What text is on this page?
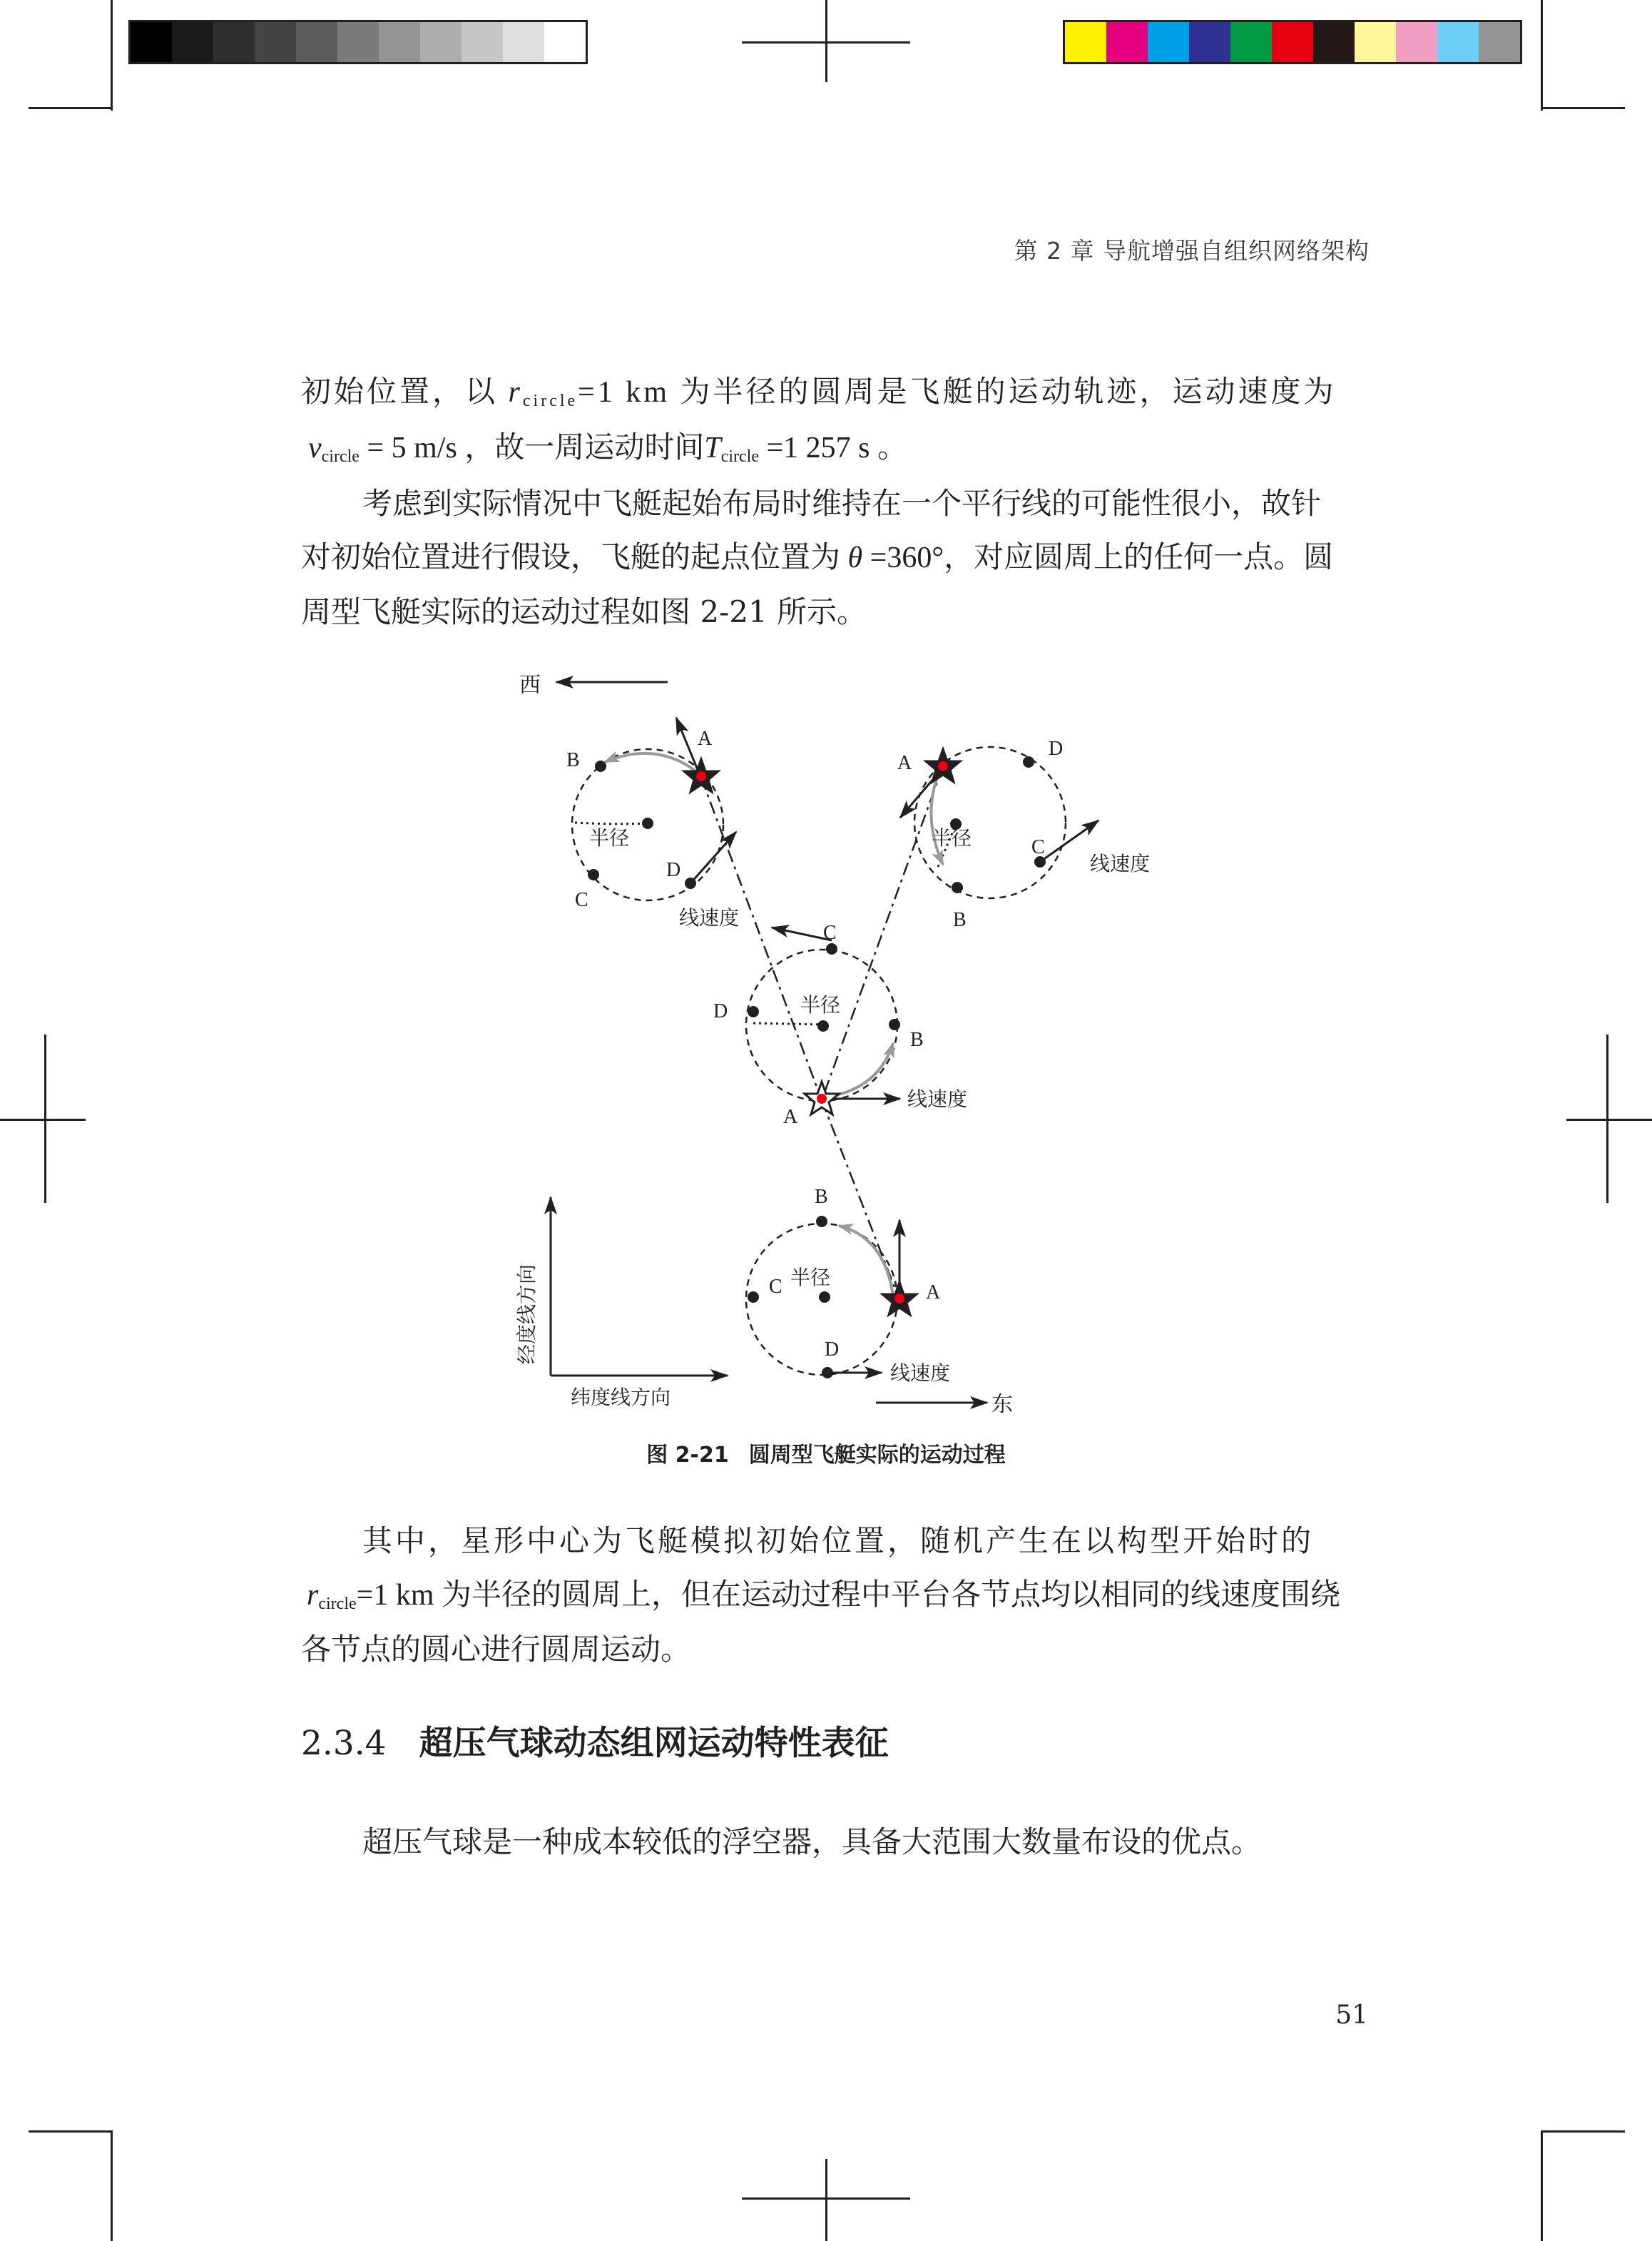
第 2 章 导航增强自组织网络架构
初始位置，以 $r_{circle}=1$ km 为半径的圆周是飞艇的运动轨迹，运动速度为
$v_{circle} = 5$ m/s ，故一周运动时间$T_{circle} =1$ 257 s 。
考虑到实际情况中飞艇起始布局时维持在一个平行线的可能性很小，故针
对初始位置进行假设，飞艇的起点位置为 θ =360°，对应圆周上的任何一点。圆
周型飞艇实际的运动过程如图 2-21 所示。
西
东
经度线方向
纬度线方向
A
B
D
C
A
D
C
B
C
D
B
A
B
C	A
D
半径	半径
半径
半径
线速度
线速度
线速度
线速度
图 2-21 圆周型飞艇实际的运动过程
其中，星形中心为飞艇模拟初始位置，随机产生在以构型开始时的
$r_{circle}=1$ km 为半径的圆周上，但在运动过程中平台各节点均以相同的线速度围绕
各节点的圆心进行圆周运动。
2.3.4 超压气球动态组网运动特性表征
超压气球是一种成本较低的浮空器，具备大范围大数量布设的优点。
51
